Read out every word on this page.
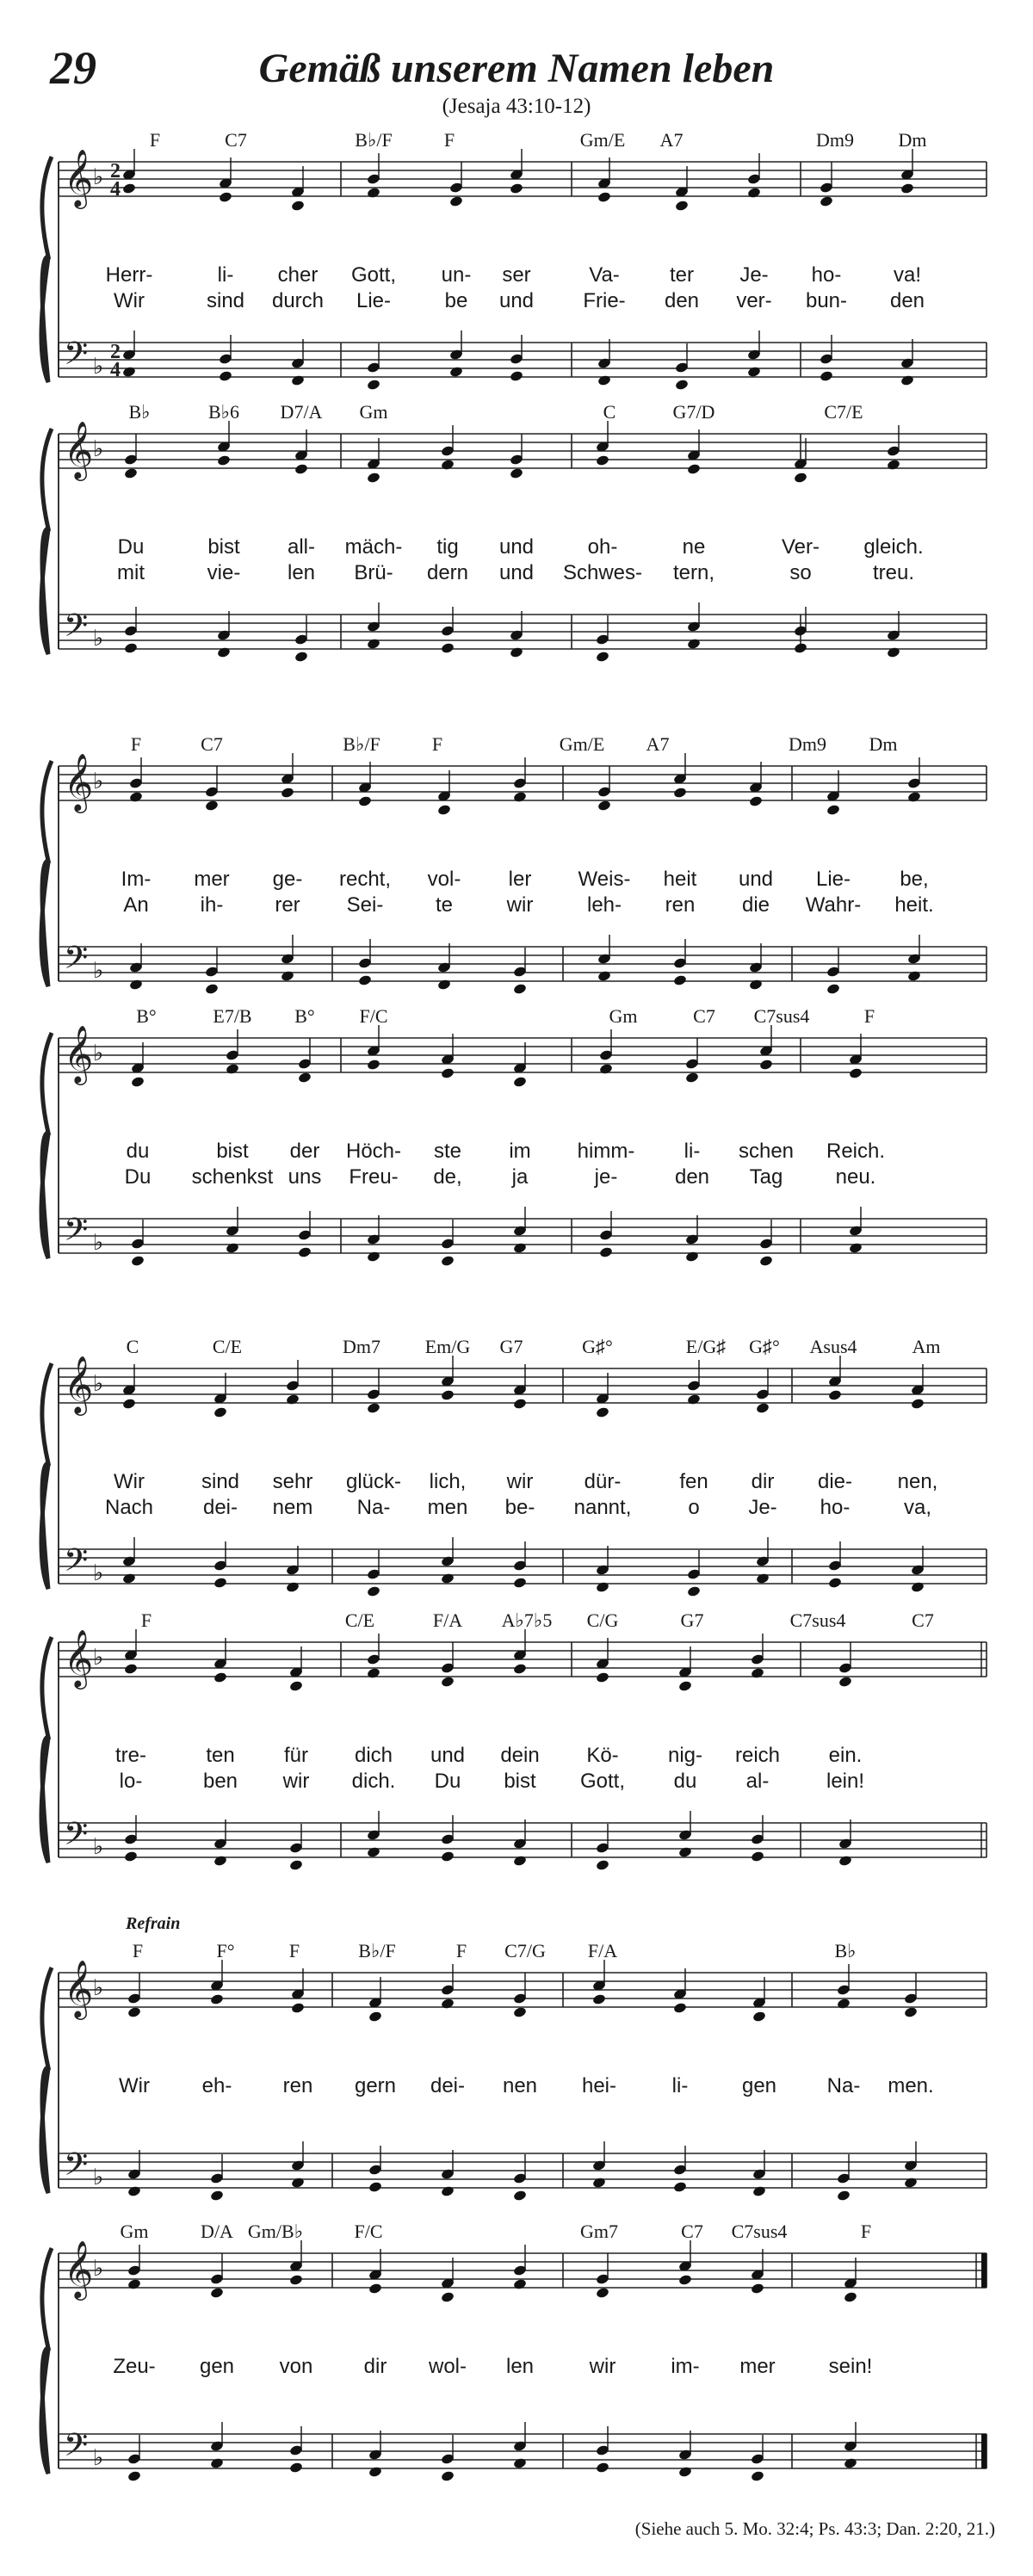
29	Gemäß unserem Namen leben
(Jesaja 43:10-12)
F	C7	B♭/F	F	Gm/E A7	Dm9 Dm
𝄞
𝄢
♭
♭
2
4
2
4
Herr-	li- cher Gott, un- ser	Va- ter Je- ho-	va!
Wir	sind durch Lie-	be und Frie- den ver- bun- den
B♭	B♭6 D7/A Gm	C	G7/D	C7/E
𝄞
𝄢
♭
♭
Du	bist all- mäch- tig und	oh-	ne	Ver- gleich.
mit	vie- len Brü- dern und Schwes- tern,	so	treu.
F	C7	B♭/F	F	Gm/E A7	Dm9 Dm
𝄞
𝄢
♭
♭
Im- mer ge- recht, vol- ler Weis- heit und Lie- be,
An ih- rer Sei-	te	wir	leh- ren die Wahr- heit.
B°	E7/B B° F/C	Gm	C7 C7sus4	F
𝄞
𝄢
♭
♭
du	bist der Höch- ste im himm- li- schen Reich.
Du schenkst uns Freu- de, ja	je-	den Tag	neu.
C	C/E	Dm7 Em/G G7	G♯°	E/G♯ G♯° Asus4	Am
𝄞
𝄢
♭
♭
Wir	sind sehr glück- lich, wir dür-	fen dir die- nen,
Nach dei- nem Na- men be- nannt,	o Je- ho-	va,
F	C/E	F/A A♭7♭5 C/G	G7	C7sus4	C7
𝄞
𝄢
♭
♭
tre-	ten für dich und dein Kö- nig- reich ein.
lo-	ben wir dich. Du bist Gott, du al-	lein!
F	F°	F	B♭/F	F C7/G F/A	B♭
Refrain
𝄞
𝄢
♭
♭
Wir	eh- ren gern dei- nen hei-	li-	gen Na- men.
Gm	D/A Gm/B♭	F/C	Gm7	C7 C7sus4	F
𝄞
𝄢
♭
♭
Zeu- gen von dir wol- len	wir	im- mer	sein!
(Siehe auch 5. Mo. 32:4; Ps. 43:3; Dan. 2:20, 21.)
